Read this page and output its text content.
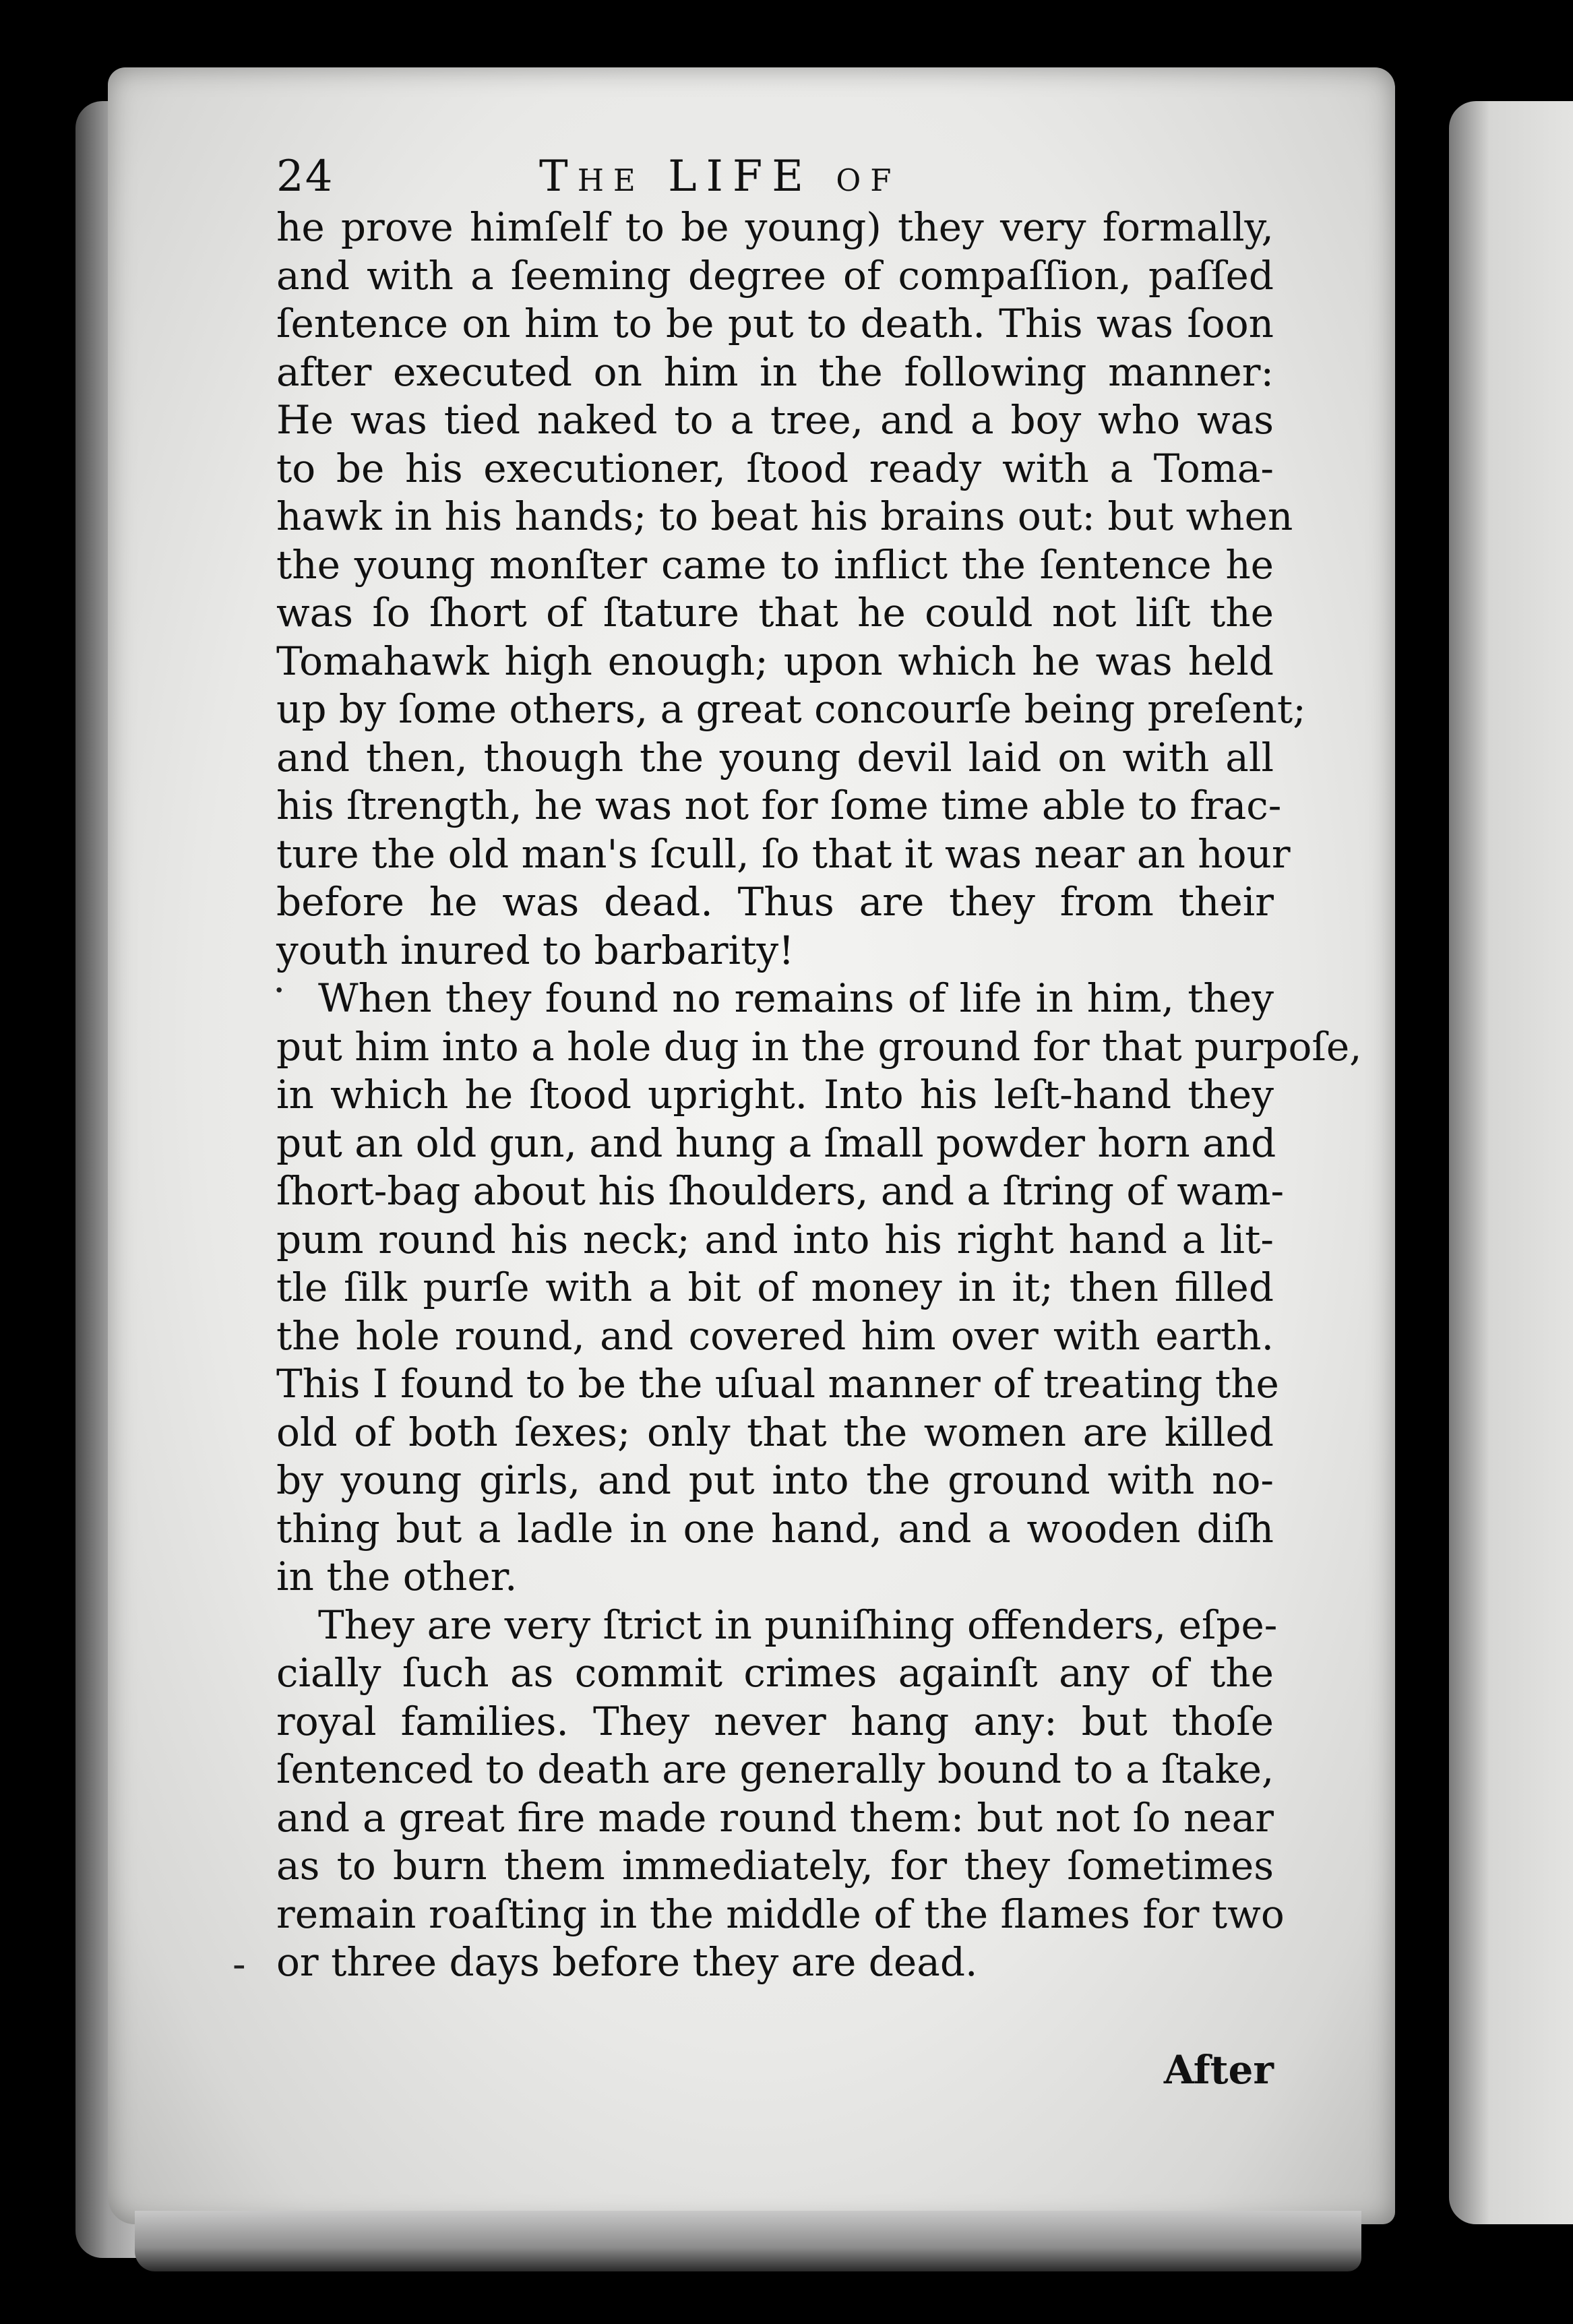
24	The LIFE of
he prove himſelf to be young) they very formally,
and with a ſeeming degree of compaſſion, paſſed
ſentence on him to be put to death. This was ſoon
after executed on him in the following manner:
He was tied naked to a tree, and a boy who was
to be his executioner, ſtood ready with a Toma-
hawk in his hands; to beat his brains out: but when
the young monſter came to inflict the ſentence he
was ſo ſhort of ſtature that he could not liſt the
Tomahawk high enough; upon which he was held
up by ſome others, a great concourſe being preſent;
and then, though the young devil laid on with all
his ſtrength, he was not for ſome time able to frac-
ture the old man's ſcull, ſo that it was near an hour
before he was dead. Thus are they from their
youth inured to barbarity!
When they found no remains of life in him, they
put him into a hole dug in the ground for that purpoſe,
in which he ſtood upright. Into his leſt-hand they
put an old gun, and hung a ſmall powder horn and
ſhort-bag about his ſhoulders, and a ſtring of wam-
pum round his neck; and into his right hand a lit-
tle ſilk purſe with a bit of money in it; then filled
the hole round, and covered him over with earth.
This I found to be the uſual manner of treating the
old of both ſexes; only that the women are killed
by young girls, and put into the ground with no-
thing but a ladle in one hand, and a wooden diſh
in the other.
They are very ſtrict in puniſhing offenders, eſpe-
cially ſuch as commit crimes againſt any of the
royal families. They never hang any: but thoſe
ſentenced to death are generally bound to a ſtake,
and a great fire made round them: but not ſo near
as to burn them immediately, for they ſometimes
remain roaſting in the middle of the flames for two
or three days before they are dead.
After
·
-
